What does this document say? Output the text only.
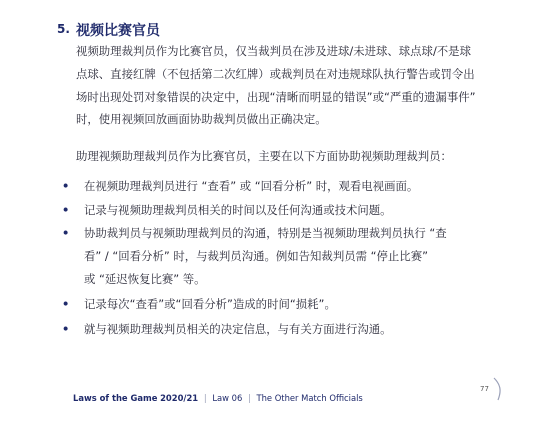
5. 视频比赛官员
视频助理裁判员作为比赛官员，仅当裁判员在涉及进球/未进球、球点球/不是球
点球、直接红牌（不包括第二次红牌）或裁判员在对违规球队执行警告或罚令出
场时出现处罚对象错误的决定中，出现“清晰而明显的错误”或“严重的遗漏事件”
时，使用视频回放画面协助裁判员做出正确决定。
助理视频助理裁判员作为比赛官员，主要在以下方面协助视频助理裁判员：
• 在视频助理裁判员进行 “查看” 或 “回看分析” 时，观看电视画面。
• 记录与视频助理裁判员相关的时间以及任何沟通或技术问题。
• 协助裁判员与视频助理裁判员的沟通，特别是当视频助理裁判员执行 “查
看” / “回看分析” 时，与裁判员沟通。例如告知裁判员需 “停止比赛”
或 “延迟恢复比赛” 等。
• 记录每次“查看”或“回看分析”造成的时间“损耗”。
• 就与视频助理裁判员相关的决定信息，与有关方面进行沟通。
Laws of the Game 2020/21 | Law 06 | The Other Match Officials
77
